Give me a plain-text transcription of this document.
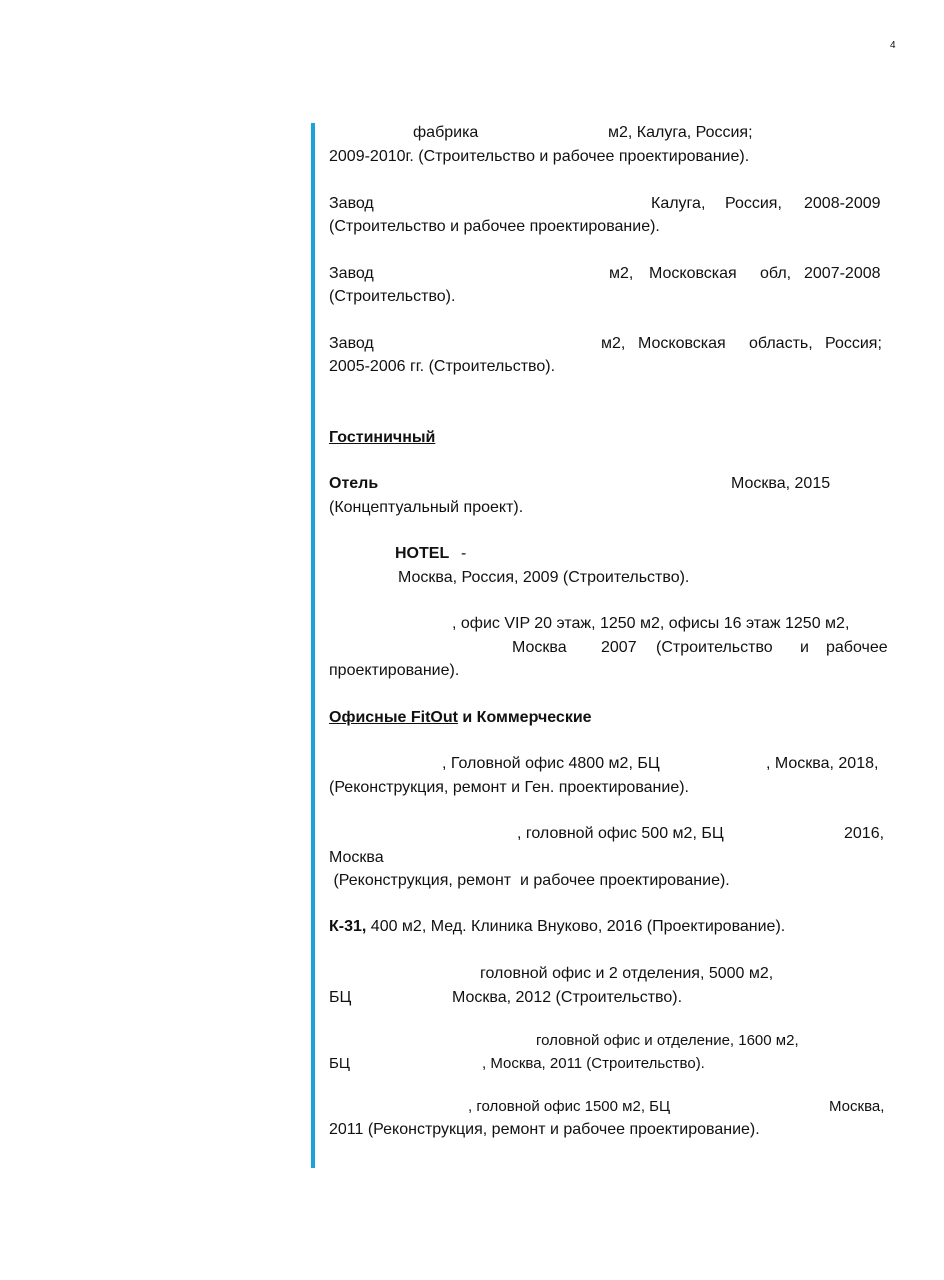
4
фабрика	м2, Калуга, Россия;
2009-2010г. (Строительство и рабочее проектирование).
Завод	Калуга, Россия, 2008-2009
(Строительство и рабочее проектирование).
Завод	м2, Московская обл, 2007-2008
(Строительство).
Завод	м2, Московская область, Россия;
2005-2006 гг. (Строительство).
Гостиничный
Отель	Москва, 2015
(Концептуальный проект).
HOTEL -
Москва, Россия, 2009 (Строительство).
, офис VIP 20 этаж, 1250 м2, офисы 16 этаж 1250 м2,
Москва 2007 (Строительство и рабочее
проектирование).
Офисные FitOut и Коммерческие
, Головной офис 4800 м2, БЦ	, Москва, 2018,
(Реконструкция, ремонт и Ген. проектирование).
, головной офис 500 м2, БЦ	2016,
Москва
(Реконструкция, ремонт  и рабочее проектирование).
К-31, 400 м2, Мед. Клиника Внуково, 2016 (Проектирование).
головной офис и 2 отделения, 5000 м2,
БЦ	Москва, 2012 (Строительство).
головной офис и отделение, 1600 м2,
БЦ	, Москва, 2011 (Строительство).
, головной офис 1500 м2, БЦ	Москва,
2011 (Реконструкция, ремонт и рабочее проектирование).
